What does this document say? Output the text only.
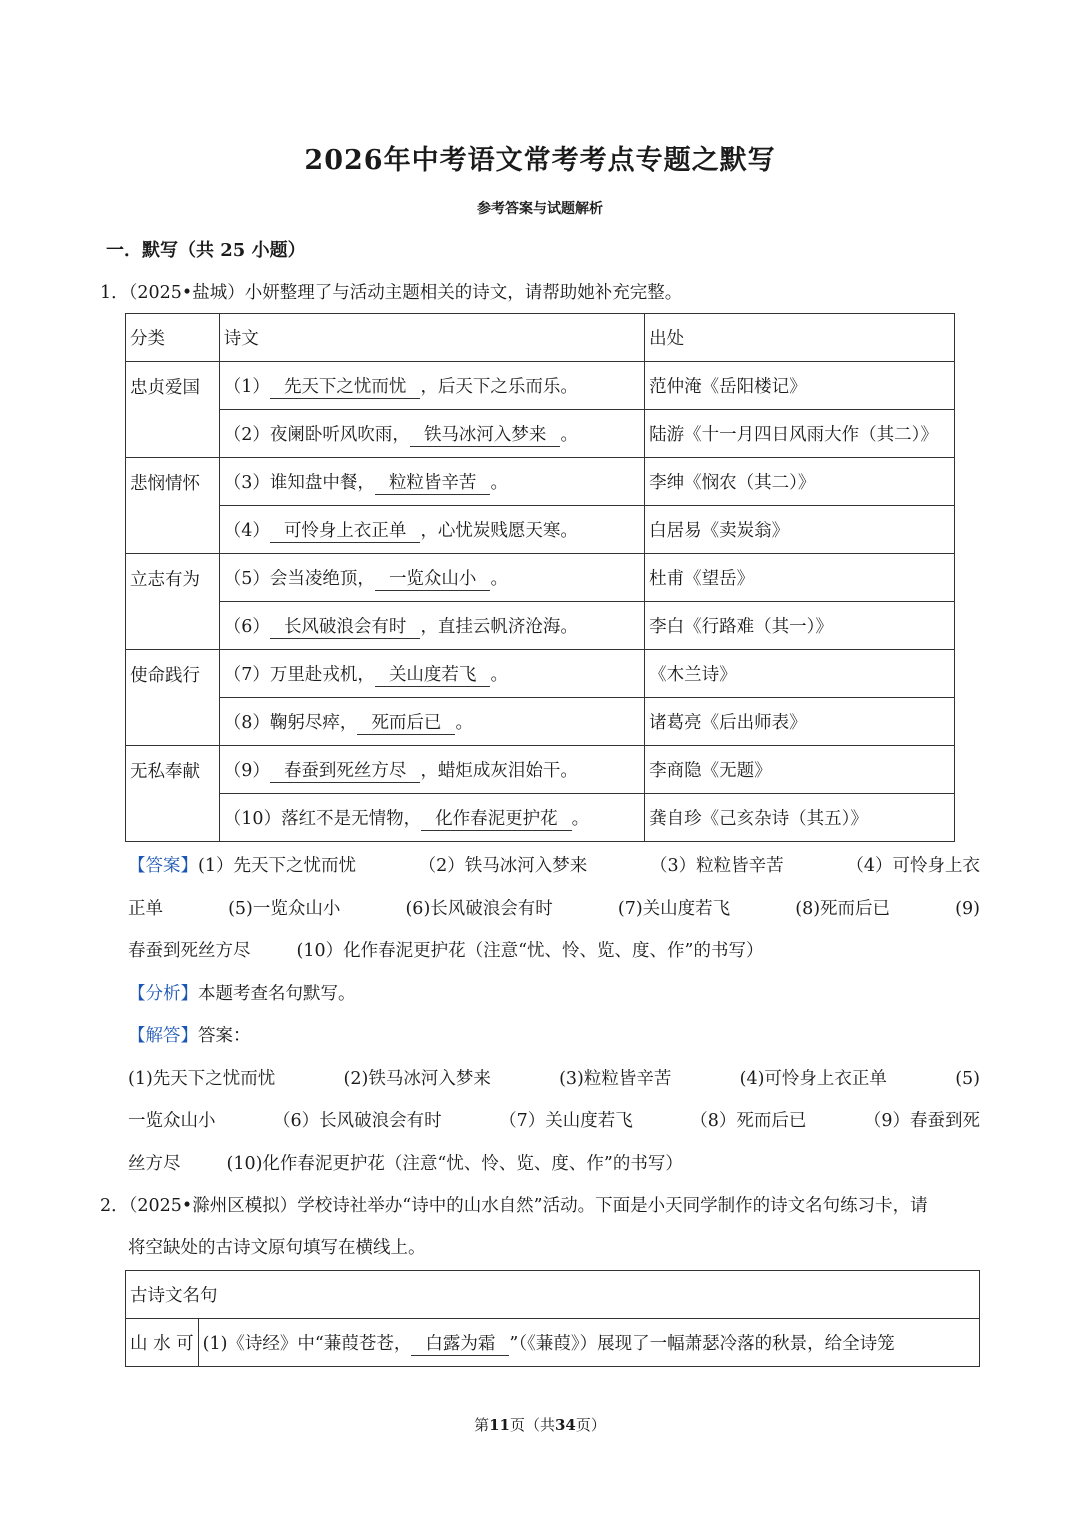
2026年中考语文常考考点专题之默写
参考答案与试题解析
一．默写（共 25 小题）
1．（2025•盐城）小妍整理了与活动主题相关的诗文，请帮助她补充完整。
分类	诗文	出处
忠贞爱国	（1） 先天下之忧而忧 ，后天下之乐而乐。	范仲淹《岳阳楼记》
	（2）夜阑卧听风吹雨， 铁马冰河入梦来 。	陆游《十一月四日风雨大作（其二）》
悲悯情怀	（3）谁知盘中餐， 粒粒皆辛苦 。	李绅《悯农（其二）》
	（4） 可怜身上衣正单 ，心忧炭贱愿天寒。	白居易《卖炭翁》
立志有为	（5）会当凌绝顶， 一览众山小 。	杜甫《望岳》
	（6） 长风破浪会有时 ，直挂云帆济沧海。	李白《行路难（其一）》
使命践行	（7）万里赴戎机， 关山度若飞 。	《木兰诗》
	（8）鞠躬尽瘁， 死而后已 。	诸葛亮《后出师表》
无私奉献	（9） 春蚕到死丝方尽 ，蜡炬成灰泪始干。	李商隐《无题》
	（10）落红不是无情物， 化作春泥更护花 。	龚自珍《己亥杂诗（其五）》
【答案】(1）先天下之忧而忧	（2）铁马冰河入梦来	（3）粒粒皆辛苦	（4）可怜身上衣
正单	(5)一览众山小	(6)长风破浪会有时	(7)关山度若飞	(8)死而后已	(9)
春蚕到死丝方尽	(10）化作春泥更护花（注意“忧、怜、览、度、作”的书写）
【分析】 本题考查名句默写。
【解答】 答案：
(1)先天下之忧而忧	(2)铁马冰河入梦来	(3)粒粒皆辛苦	(4)可怜身上衣正单	(5)
一览众山小	（6）长风破浪会有时	（7）关山度若飞	（8）死而后已	（9）春蚕到死
丝方尽	(10)化作春泥更护花（注意“忧、怜、览、度、作”的书写）
2．（2025•滁州区模拟）学校诗社举办“诗中的山水自然”活动。下面是小天同学制作的诗文名句练习卡，请
将空缺处的古诗文原句填写在横线上。
古诗文名句
山 水 可	(1)《诗经》中“蒹葭苍苍， 白露为霜 ”（《蒹葭》）展现了一幅萧瑟冷落的秋景，给全诗笼
第11页（共34页）
